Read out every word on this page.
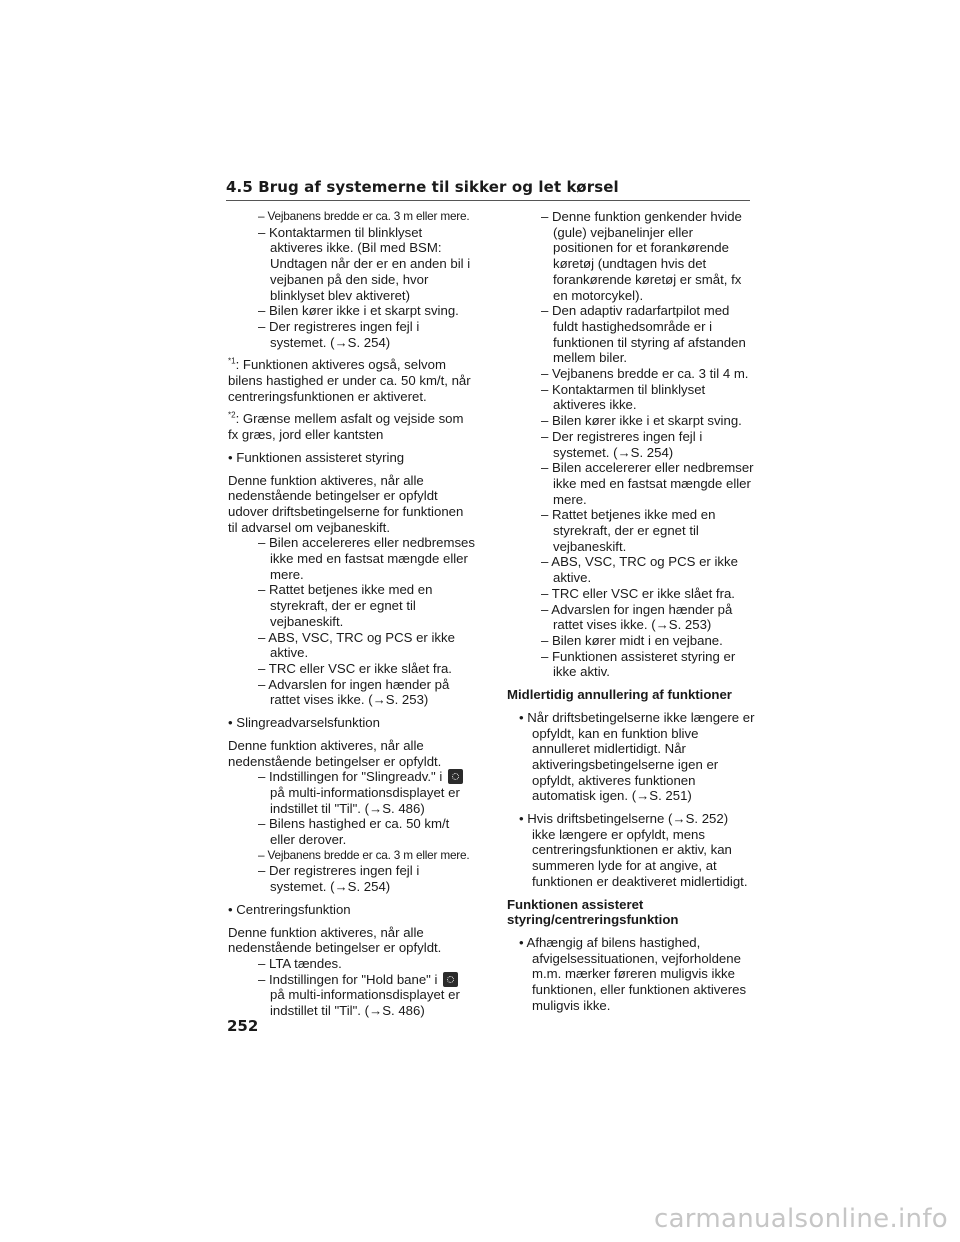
4.5 Brug af systemerne til sikker og let kørsel
– Vejbanens bredde er ca. 3 m eller mere.
– Kontaktarmen til blinklyset aktiveres ikke. (Bil med BSM: Undtagen når der er en anden bil i vejbanen på den side, hvor blinklyset blev aktiveret)
– Bilen kører ikke i et skarpt sving.
– Der registreres ingen fejl i systemet. (→S. 254)

$^{*1}$: Funktionen aktiveres også, selvom bilens hastighed er under ca. 50 km/t, når centreringsfunktionen er aktiveret.

$^{*2}$: Grænse mellem asfalt og vejside som fx græs, jord eller kantsten

• Funktionen assisteret styring

Denne funktion aktiveres, når alle nedenstående betingelser er opfyldt udover driftsbetingelserne for funktionen til advarsel om vejbaneskift.

– Bilen accelereres eller nedbremses ikke med en fastsat mængde eller mere.
– Rattet betjenes ikke med en styrekraft, der er egnet til vejbaneskift.
– ABS, VSC, TRC og PCS er ikke aktive.
– TRC eller VSC er ikke slået fra.
– Advarslen for ingen hænder på rattet vises ikke. (→S. 253)

• Slingreadvarselsfunktion

Denne funktion aktiveres, når alle nedenstående betingelser er opfyldt.

– Indstillingen for "Slingreadv." i  på multi-informationsdisplayet er indstillet til "Til". (→S. 486)
– Bilens hastighed er ca. 50 km/t eller derover.
– Vejbanens bredde er ca. 3 m eller mere.
– Der registreres ingen fejl i systemet. (→S. 254)

• Centreringsfunktion

Denne funktion aktiveres, når alle nedenstående betingelser er opfyldt.

– LTA tændes.
– Indstillingen for "Hold bane" i  på multi-informationsdisplayet er indstillet til "Til". (→S. 486)
– Denne funktion genkender hvide (gule) vejbanelinjer eller positionen for et forankørende køretøj (undtagen hvis det forankørende køretøj er småt, fx en motorcykel).
– Den adaptiv radarfartpilot med fuldt hastighedsområde er i funktionen til styring af afstanden mellem biler.
– Vejbanens bredde er ca. 3 til 4 m.
– Kontaktarmen til blinklyset aktiveres ikke.
– Bilen kører ikke i et skarpt sving.
– Der registreres ingen fejl i systemet. (→S. 254)
– Bilen accelererer eller nedbremser ikke med en fastsat mængde eller mere.
– Rattet betjenes ikke med en styrekraft, der er egnet til vejbaneskift.
– ABS, VSC, TRC og PCS er ikke aktive.
– TRC eller VSC er ikke slået fra.
– Advarslen for ingen hænder på rattet vises ikke. (→S. 253)
– Bilen kører midt i en vejbane.
– Funktionen assisteret styring er ikke aktiv.

Midlertidig annullering af funktioner

• Når driftsbetingelserne ikke længere er opfyldt, kan en funktion blive annulleret midlertidigt. Når aktiveringsbetingelserne igen er opfyldt, aktiveres funktionen automatisk igen. (→S. 251)

• Hvis driftsbetingelserne (→S. 252) ikke længere er opfyldt, mens centreringsfunktionen er aktiv, kan summeren lyde for at angive, at funktionen er deaktiveret midlertidigt.

Funktionen assisteret styring/centreringsfunktion

• Afhængig af bilens hastighed, afvigelsessituationen, vejforholdene m.m. mærker føreren muligvis ikke funktionen, eller funktionen aktiveres muligvis ikke.

252
carmanualsonline.info
